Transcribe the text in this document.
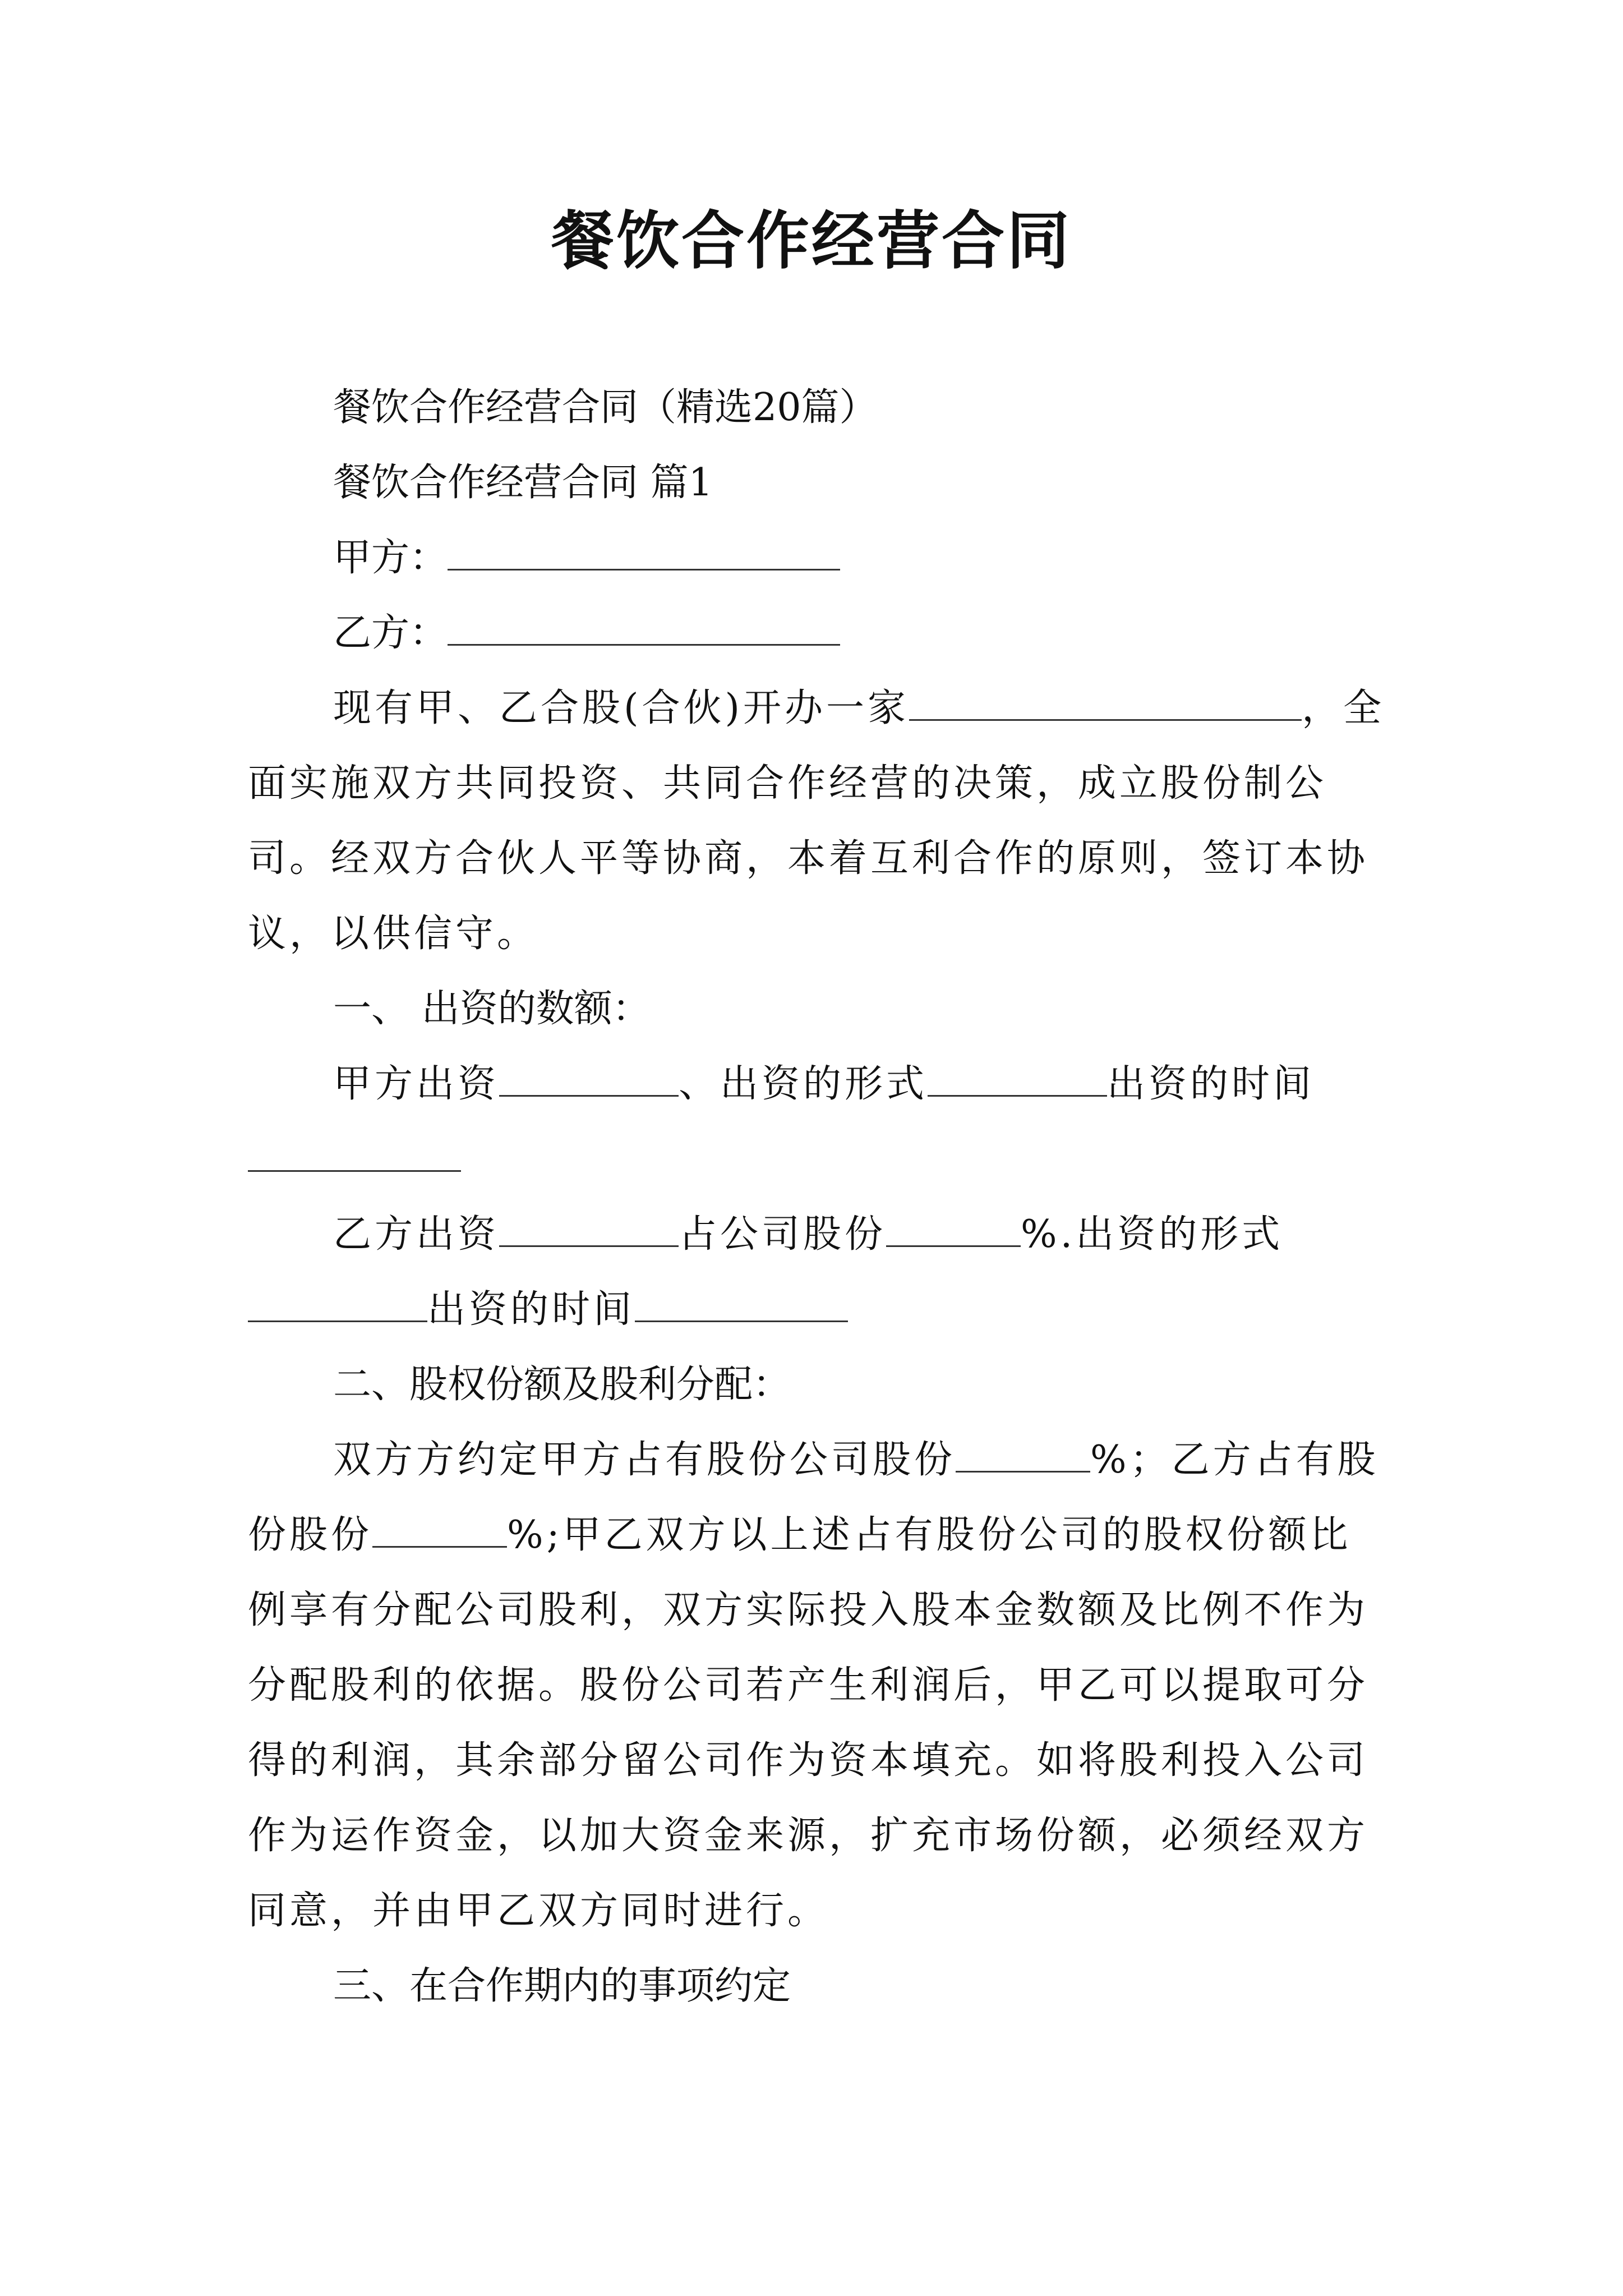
餐饮合作经营合同

餐饮合作经营合同（精选20篇）

餐饮合作经营合同 篇1

甲方：

乙方：

现有甲、乙合股(合伙)开办一家	，全面实施双方共同投资、共同合作经营的决策，成立股份制公司。经双方合伙人平等协商，本着互利合作的原则，签订本协议，以供信守。

一、 出资的数额：

甲方出资	、出资的形式	出资的时间

乙方出资	占公司股份	%.出资的形式
出资的时间

二、股权份额及股利分配：

双方方约定甲方占有股份公司股份	%；乙方占有股份股份	%;甲乙双方以上述占有股份公司的股权份额比例享有分配公司股利，双方实际投入股本金数额及比例不作为分配股利的依据。股份公司若产生利润后，甲乙可以提取可分得的利润，其余部分留公司作为资本填充。如将股利投入公司作为运作资金，以加大资金来源，扩充市场份额，必须经双方同意，并由甲乙双方同时进行。

三、在合作期内的事项约定
